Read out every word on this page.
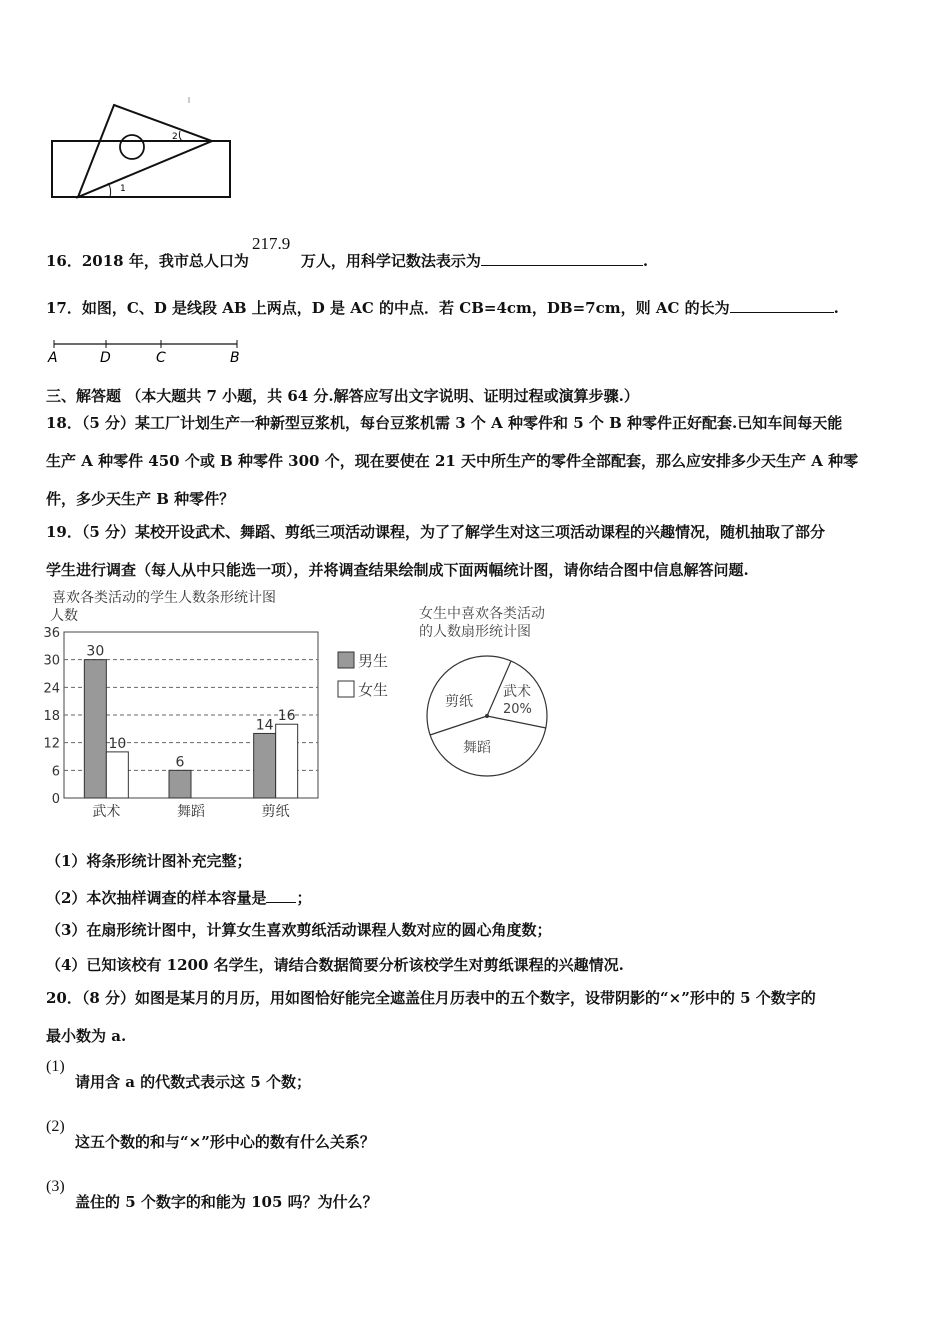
2
1
16．2018 年，我市总人口为	万人，用科学记数法表示为	.
217.9
17．如图，C、D 是线段 AB 上两点，D 是 AC 的中点．若 CB=4cm，DB=7cm，则 AC 的长为	.
A	D	C	B
三、解答题 （本大题共 7 小题，共 64 分.解答应写出文字说明、证明过程或演算步骤.）
18．（5 分）某工厂计划生产一种新型豆浆机，每台豆浆机需 3 个 A 种零件和 5 个 B 种零件正好配套.已知车间每天能
生产 A 种零件 450 个或 B 种零件 300 个，现在要使在 21 天中所生产的零件全部配套，那么应安排多少天生产 A 种零
件，多少天生产 B 种零件？
19．（5 分）某校开设武术、舞蹈、剪纸三项活动课程，为了了解学生对这三项活动课程的兴趣情况，随机抽取了部分
学生进行调查（每人从中只能选一项），并将调查结果绘制成下面两幅统计图，请你结合图中信息解答问题.
喜欢各类活动的学生人数条形统计图
人数
0
6
12
18
24
30
36
30
10
6
14
16
武术	舞蹈	剪纸
男生
女生
女生中喜欢各类活动
的人数扇形统计图
武术
20%
剪纸
舞蹈
（1）将条形统计图补充完整；
（2）本次抽样调查的样本容量是 ；
（3）在扇形统计图中，计算女生喜欢剪纸活动课程人数对应的圆心角度数；
（4）已知该校有 1200 名学生，请结合数据简要分析该校学生对剪纸课程的兴趣情况.
20．（8 分）如图是某月的月历，用如图恰好能完全遮盖住月历表中的五个数字，设带阴影的“×”形中的 5 个数字的
最小数为 a.
(1)
请用含 a 的代数式表示这 5 个数；
(2)
这五个数的和与“×”形中心的数有什么关系？
(3)
盖住的 5 个数字的和能为 105 吗？为什么？
